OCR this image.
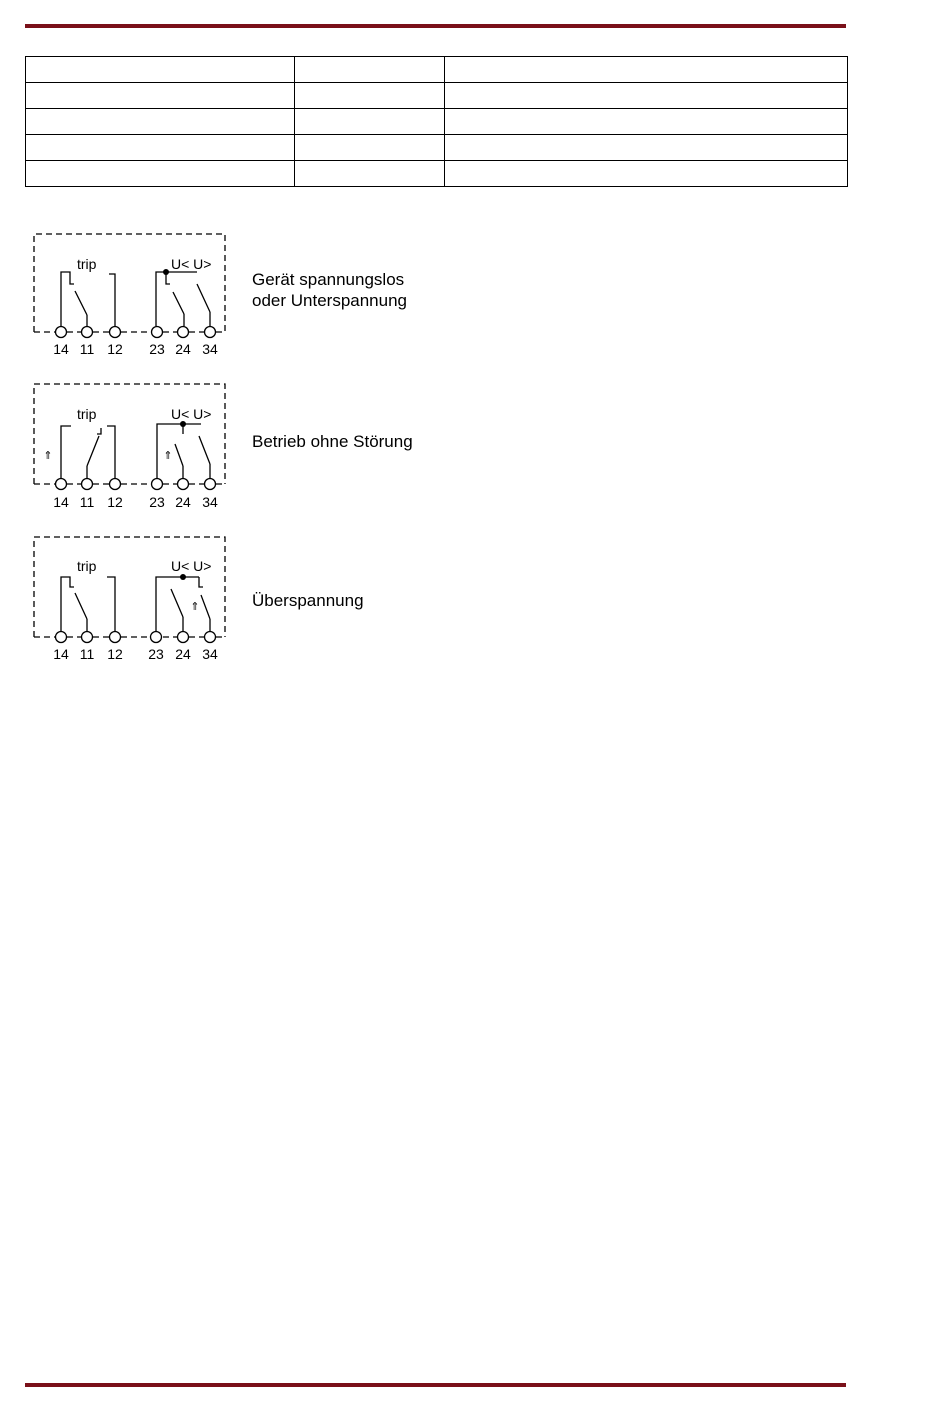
trip	U< U>
14 11 12 23 24 34
Gerät spannungslos
oder Unterspannung
⇑	⇑
trip	U< U>
14 11 12 23 24 34
Betrieb ohne Störung
⇑
trip	U< U>
14 11 12 23 24 34
Überspannung
